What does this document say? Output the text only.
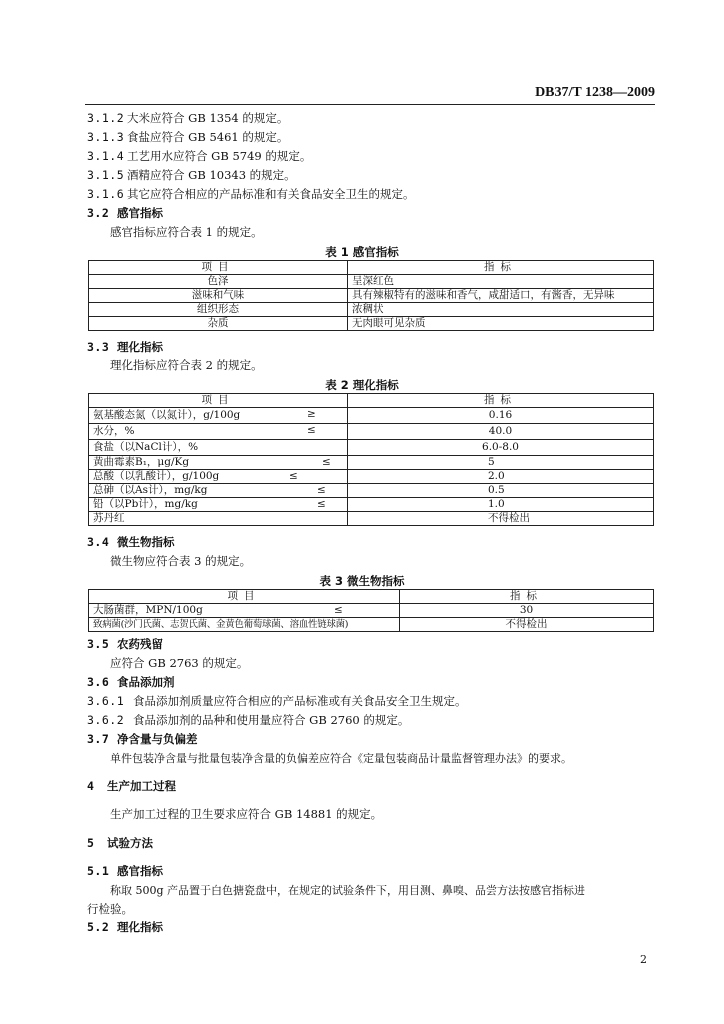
DB37/T 1238—2009
3.1.2 大米应符合 GB 1354 的规定。
3.1.3 食盐应符合 GB 5461 的规定。
3.1.4 工艺用水应符合 GB 5749 的规定。
3.1.5 酒精应符合 GB 10343 的规定。
3.1.6 其它应符合相应的产品标准和有关食品安全卫生的规定。
3.2 感官指标
感官指标应符合表 1 的规定。
表 1 感官指标
项目	指标
色泽	呈深红色
滋味和气味	具有辣椒特有的滋味和香气，咸甜适口，有酱香，无异味
组织形态	浓稠状
杂质	无肉眼可见杂质
3.3 理化指标
理化指标应符合表 2 的规定。
表 2 理化指标
项目	指标
氨基酸态氮（以氮计），g/100g ≥	0.16
水分，% ≤	40.0
食盐（以NaCl计），%	6.0-8.0
黄曲霉素B₁，μg/Kg ≤	5
总酸（以乳酸计），g/100g ≤	2.0
总砷（以As计），mg/kg ≤	0.5
铅（以Pb计），mg/kg ≤	1.0
苏丹红	不得检出
3.4 微生物指标
微生物应符合表 3 的规定。
表 3 微生物指标
项目	指标
大肠菌群，MPN/100g ≤	30
致病菌(沙门氏菌、志贺氏菌、金黄色葡萄球菌、溶血性链球菌)	不得检出
3.5 农药残留
应符合 GB 2763 的规定。
3.6 食品添加剂
3.6.1 食品添加剂质量应符合相应的产品标准或有关食品安全卫生规定。
3.6.2 食品添加剂的品种和使用量应符合 GB 2760 的规定。
3.7 净含量与负偏差
单件包装净含量与批量包装净含量的负偏差应符合《定量包装商品计量监督管理办法》的要求。
4 生产加工过程
生产加工过程的卫生要求应符合 GB 14881 的规定。
5 试验方法
5.1 感官指标
称取 500g 产品置于白色搪瓷盘中，在规定的试验条件下，用目测、鼻嗅、品尝方法按感官指标进
行检验。
5.2 理化指标
2
